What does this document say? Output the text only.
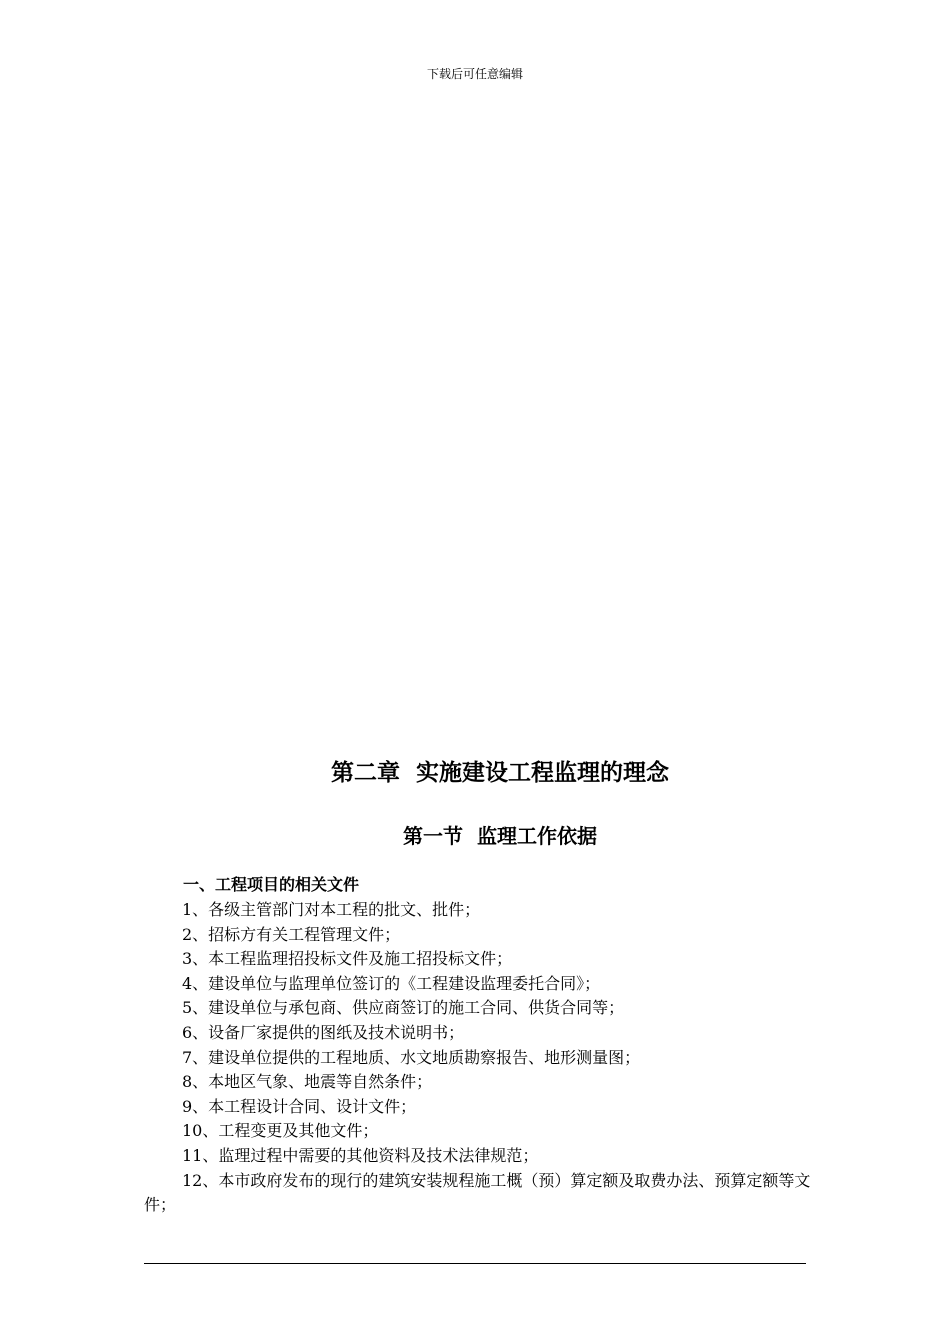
下载后可任意编辑
第二章  实施建设工程监理的理念
第一节  监理工作依据
一、工程项目的相关文件

1、各级主管部门对本工程的批文、批件；

2、招标方有关工程管理文件；

3、本工程监理招投标文件及施工招投标文件；

4、建设单位与监理单位签订的《工程建设监理委托合同》；

5、建设单位与承包商、供应商签订的施工合同、供货合同等；

6、设备厂家提供的图纸及技术说明书；

7、建设单位提供的工程地质、水文地质勘察报告、地形测量图；

8、本地区气象、地震等自然条件；

9、本工程设计合同、设计文件；

10、工程变更及其他文件；

11、监理过程中需要的其他资料及技术法律规范；

12、本市政府发布的现行的建筑安装规程施工概（预）算定额及取费办法、预算定额等文件；
